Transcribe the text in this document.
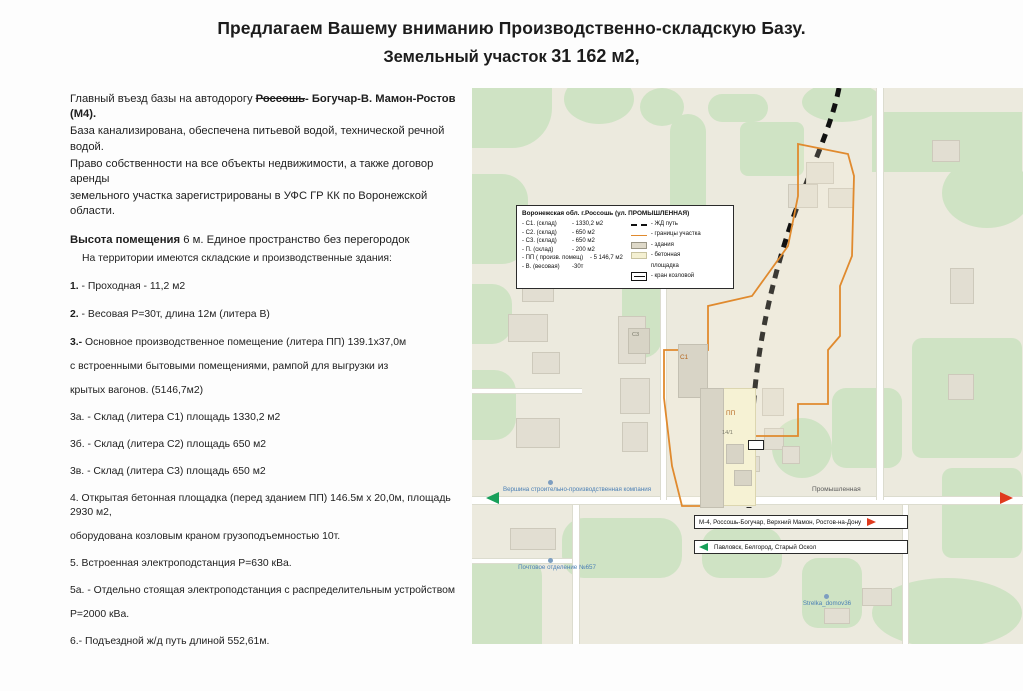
Предлагаем Вашему вниманию Производственно-складскую Базу.
Земельный участок 31 162 м2,

Главный въезд базы на автодорогу Россошь- Богучар-В. Мамон-Ростов (М4).

База канализирована, обеспечена питьевой водой, технической речной водой.

Право собственности на все объекты недвижимости, а также договор аренды

земельного участка зарегистрированы в УФС ГР КК по Воронежской области.

Высота помещения 6 м. Единое пространство без перегородок

На территории имеются складские и производственные здания:

1. - Проходная - 11,2 м2
2. - Весовая Р=30т, длина 12м (литера В)
3.- Основное производственное помещение (литера ПП) 139.1х37,0м
с встроенными бытовыми помещениями, рампой для выгрузки из
крытых вагонов. (5146,7м2)
3а. - Склад (литера С1) площадь 1330,2 м2
3б. - Склад (литера С2) площадь 650 м2
3в. - Склад (литера С3) площадь 650 м2
4. Открытая бетонная площадка (перед зданием ПП) 146.5м х 20,0м, площадь 2930 м2,
оборудована козловым краном грузоподъемностью 10т.
5. Встроенная электроподстанция Р=630 кВа.
5а. - Отдельно стоящая электроподстанция с распределительным устройством
Р=2000 кВа.
6.- Подъездной ж/д путь длиной 552,61м.
С1
ПП
С3
14/1
Воронежская обл. г.Россошь (ул. ПРОМЫШЛЕННАЯ)
- С1. (склад)	- 1330,2 м2
- С2. (склад)	- 650 м2
- С3. (склад)	- 650 м2
- П. (склад)	- 200 м2
- ПП ( произв. помещ)	- 5 146,7 м2
- В. (весовая)	-30т
- ЖД путь
- границы участка
- здания
- бетонная
площадка
- кран козловой
Вершина строительно-производственная компания
Почтовое отделение №657
Strelka_domov36
Промышленная
М-4, Россошь-Богучар, Верхний Мамон, Ростов-на-Дону
Павловск, Белгород, Старый Оскол
